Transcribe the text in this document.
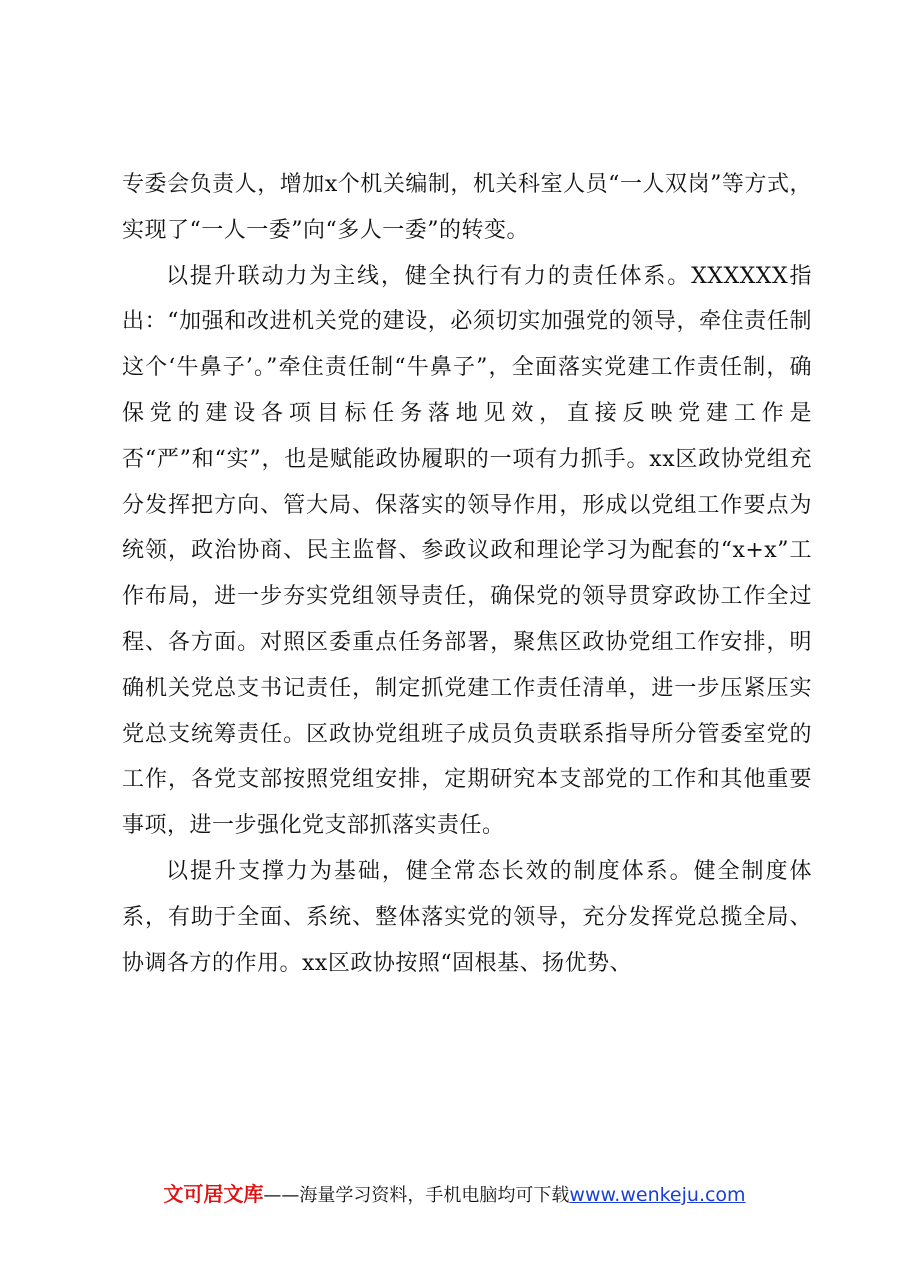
专委会负责人，增加x个机关编制，机关科室人员“一人双岗”等方式，实现了“一人一委”向“多人一委”的转变。

以提升联动力为主线，健全执行有力的责任体系。XXXXXX指出：“加强和改进机关党的建设，必须切实加强党的领导，牵住责任制这个‘牛鼻子’。”牵住责任制“牛鼻子”，全面落实党建工作责任制，确保党的建设各项目标任务落地见效，直接反映党建工作是否“严”和“实”，也是赋能政协履职的一项有力抓手。xx区政协党组充分发挥把方向、管大局、保落实的领导作用，形成以党组工作要点为统领，政治协商、民主监督、参政议政和理论学习为配套的“x+x”工作布局，进一步夯实党组领导责任，确保党的领导贯穿政协工作全过程、各方面。对照区委重点任务部署，聚焦区政协党组工作安排，明确机关党总支书记责任，制定抓党建工作责任清单，进一步压紧压实党总支统筹责任。区政协党组班子成员负责联系指导所分管委室党的工作，各党支部按照党组安排，定期研究本支部党的工作和其他重要事项，进一步强化党支部抓落实责任。

以提升支撑力为基础，健全常态长效的制度体系。健全制度体系，有助于全面、系统、整体落实党的领导，充分发挥党总揽全局、协调各方的作用。xx区政协按照“固根基、扬优势、

文可居文库——海量学习资料，手机电脑均可下载www.wenkeju.com
